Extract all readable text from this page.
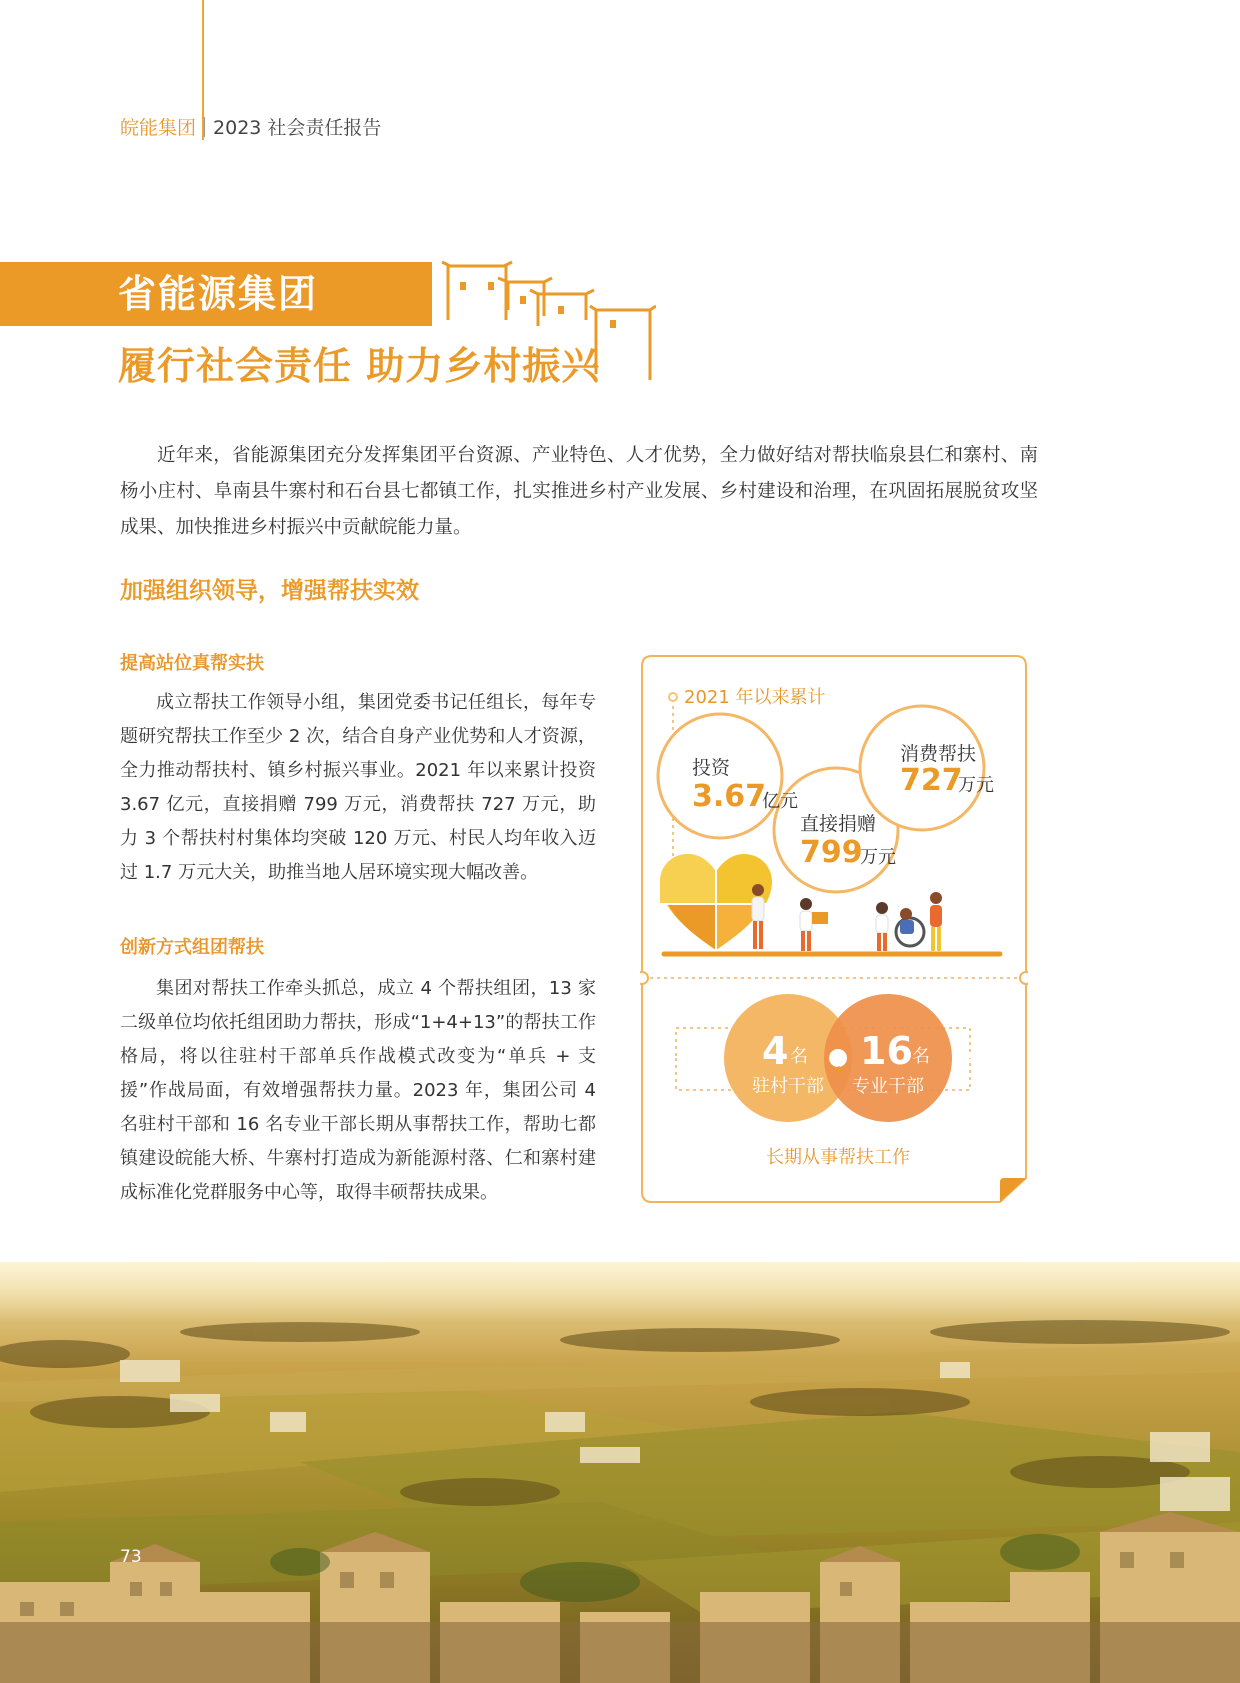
皖能集团 2023 社会责任报告
省能源集团
履行社会责任 助力乡村振兴

近年来，省能源集团充分发挥集团平台资源、产业特色、人才优势，全力做好结对帮扶临泉县仁和寨村、南杨小庄村、阜南县牛寨村和石台县七都镇工作，扎实推进乡村产业发展、乡村建设和治理，在巩固拓展脱贫攻坚成果、加快推进乡村振兴中贡献皖能力量。

加强组织领导，增强帮扶实效
提高站位真帮实扶

成立帮扶工作领导小组，集团党委书记任组长，每年专题研究帮扶工作至少 2 次，结合自身产业优势和人才资源，全力推动帮扶村、镇乡村振兴事业。2021 年以来累计投资 3.67 亿元，直接捐赠 799 万元，消费帮扶 727 万元，助力 3 个帮扶村村集体均突破 120 万元、村民人均年收入迈过 1.7 万元大关，助推当地人居环境实现大幅改善。

创新方式组团帮扶

集团对帮扶工作牵头抓总，成立 4 个帮扶组团，13 家二级单位均依托组团助力帮扶，形成“1+4+13”的帮扶工作格局，将以往驻村干部单兵作战模式改变为“单兵 + 支援”作战局面，有效增强帮扶力量。2023 年，集团公司 4 名驻村干部和 16 名专业干部长期从事帮扶工作，帮助七都镇建设皖能大桥、牛寨村打造成为新能源村落、仁和寨村建成标准化党群服务中心等，取得丰硕帮扶成果。

2021 年以来累计
投资
3.67
亿元
直接捐赠
799
万元
消费帮扶
727
万元
4 名
驻村干部
+ 16 名
专业干部
长期从事帮扶工作
73
